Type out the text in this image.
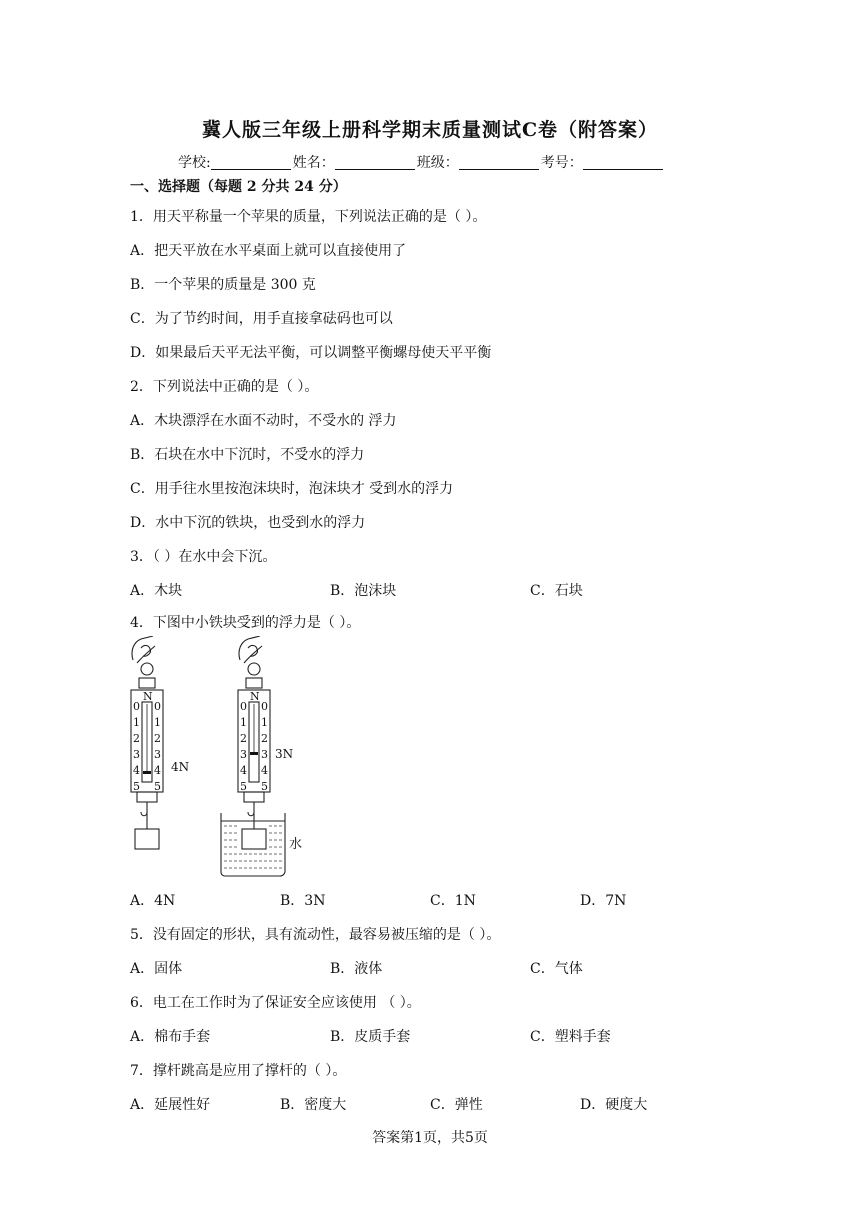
冀人版三年级上册科学期末质量测试C卷（附答案）
学校:	姓名：	班级：	考号：
一、选择题（每题 2 分共 24 分）
1．用天平称量一个苹果的质量，下列说法正确的是（ ）。
A．把天平放在水平桌面上就可以直接使用了
B．一个苹果的质量是 300 克
C．为了节约时间，用手直接拿砝码也可以
D．如果最后天平无法平衡，可以调整平衡螺母使天平平衡
2．下列说法中正确的是（ ）。
A．木块漂浮在水面不动时，不受水的 浮力
B．石块在水中下沉时，不受水的浮力
C．用手往水里按泡沫块时，泡沫块才 受到水的浮力
D．水中下沉的铁块，也受到水的浮力
3．（ ）在水中会下沉。
A．木块	B．泡沫块	C．石块
4．下图中小铁块受到的浮力是（ ）。
N	N
0 0
1 1
2 2
3 3
4 4
5 5
0 0
1 1
2 2
3 3
4 4
5 5
4N
3N
水
A．4N	B．3N	C．1N	D．7N
5．没有固定的形状，具有流动性，最容易被压缩的是（ ）。
A．固体	B．液体	C．气体
6．电工在工作时为了保证安全应该使用 （ ）。
A．棉布手套	B．皮质手套	C．塑料手套
7．撑杆跳高是应用了撑杆的（ ）。
A．延展性好	B．密度大	C．弹性	D．硬度大
答案第1页，共5页
